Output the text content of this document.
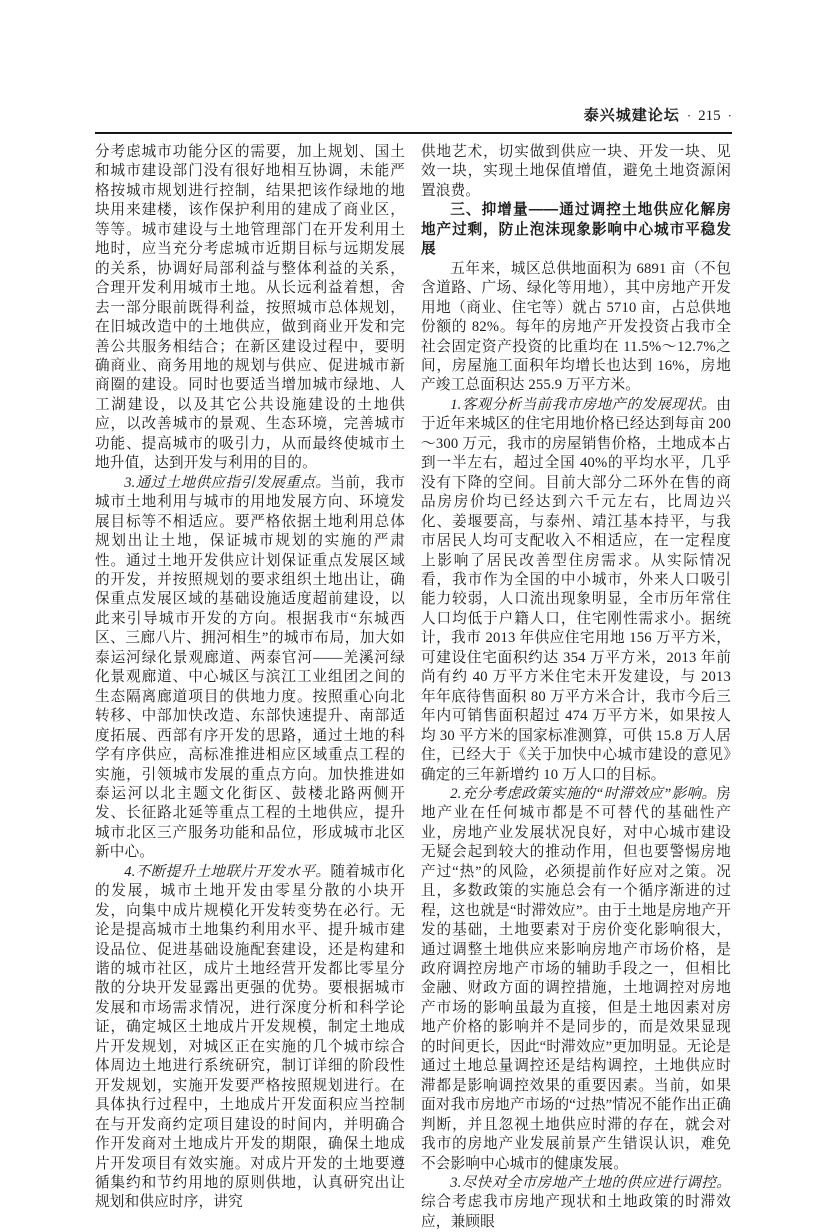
泰兴城建论坛 · 215 ·

分考虑城市功能分区的需要，加上规划、国土和城市建设部门没有很好地相互协调，未能严格按城市规划进行控制，结果把该作绿地的地块用来建楼，该作保护利用的建成了商业区，等等。城市建设与土地管理部门在开发利用土地时，应当充分考虑城市近期目标与远期发展的关系，协调好局部利益与整体利益的关系，合理开发利用城市土地。从长远利益着想，舍去一部分眼前既得利益，按照城市总体规划，在旧城改造中的土地供应，做到商业开发和完善公共服务相结合；在新区建设过程中，要明确商业、商务用地的规划与供应、促进城市新商圈的建设。同时也要适当增加城市绿地、人工湖建设，以及其它公共设施建设的土地供应，以改善城市的景观、生态环境，完善城市功能、提高城市的吸引力，从而最终使城市土地升值，达到开发与利用的目的。

3.通过土地供应指引发展重点。当前，我市城市土地利用与城市的用地发展方向、环境发展目标等不相适应。要严格依据土地利用总体规划出让土地，保证城市规划的实施的严肃性。通过土地开发供应计划保证重点发展区域的开发，并按照规划的要求组织土地出让，确保重点发展区域的基础设施适度超前建设，以此来引导城市开发的方向。根据我市“东城西区、三廊八片、拥河相生”的城市布局，加大如泰运河绿化景观廊道、两泰官河——羌溪河绿化景观廊道、中心城区与滨江工业组团之间的生态隔离廊道项目的供地力度。按照重心向北转移、中部加快改造、东部快速提升、南部适度拓展、西部有序开发的思路，通过土地的科学有序供应，高标准推进相应区域重点工程的实施，引领城市发展的重点方向。加快推进如泰运河以北主题文化街区、鼓楼北路两侧开发、长征路北延等重点工程的土地供应，提升城市北区三产服务功能和品位，形成城市北区新中心。

4.不断提升土地联片开发水平。随着城市化的发展，城市土地开发由零星分散的小块开发，向集中成片规模化开发转变势在必行。无论是提高城市土地集约利用水平、提升城市建设品位、促进基础设施配套建设，还是构建和谐的城市社区，成片土地经营开发都比零星分散的分块开发显露出更强的优势。要根据城市发展和市场需求情况，进行深度分析和科学论证，确定城区土地成片开发规模，制定土地成片开发规划，对城区正在实施的几个城市综合体周边土地进行系统研究，制订详细的阶段性开发规划，实施开发要严格按照规划进行。在具体执行过程中，土地成片开发面积应当控制在与开发商约定项目建设的时间内，并明确合作开发商对土地成片开发的期限，确保土地成片开发项目有效实施。对成片开发的土地要遵循集约和节约用地的原则供地，认真研究出让规划和供应时序，讲究

供地艺术，切实做到供应一块、开发一块、见效一块，实现土地保值增值，避免土地资源闲置浪费。

三、抑增量——通过调控土地供应化解房地产过剩，防止泡沫现象影响中心城市平稳发展

五年来，城区总供地面积为 6891 亩（不包含道路、广场、绿化等用地），其中房地产开发用地（商业、住宅等）就占 5710 亩，占总供地份额的 82%。每年的房地产开发投资占我市全社会固定资产投资的比重均在 11.5%～12.7%之间，房屋施工面积年均增长也达到 16%，房地产竣工总面积达 255.9 万平方米。

1.客观分析当前我市房地产的发展现状。由于近年来城区的住宅用地价格已经达到每亩 200～300 万元，我市的房屋销售价格，土地成本占到一半左右，超过全国 40%的平均水平，几乎没有下降的空间。目前大部分二环外在售的商品房房价均已经达到六千元左右，比周边兴化、姜堰要高，与泰州、靖江基本持平，与我市居民人均可支配收入不相适应，在一定程度上影响了居民改善型住房需求。从实际情况看，我市作为全国的中小城市，外来人口吸引能力较弱，人口流出现象明显，全市历年常住人口均低于户籍人口，住宅刚性需求小。据统计，我市 2013 年供应住宅用地 156 万平方米，可建设住宅面积约达 354 万平方米，2013 年前尚有约 40 万平方米住宅未开发建设，与 2013 年年底待售面积 80 万平方米合计，我市今后三年内可销售面积超过 474 万平方米，如果按人均 30 平方米的国家标准测算，可供 15.8 万人居住，已经大于《关于加快中心城市建设的意见》确定的三年新增约 10 万人口的目标。

2.充分考虑政策实施的“时滞效应”影响。房地产业在任何城市都是不可替代的基础性产业，房地产业发展状况良好，对中心城市建设无疑会起到较大的推动作用，但也要警惕房地产过“热”的风险，必须提前作好应对之策。况且，多数政策的实施总会有一个循序渐进的过程，这也就是“时滞效应”。由于土地是房地产开发的基础，土地要素对于房价变化影响很大，通过调整土地供应来影响房地产市场价格，是政府调控房地产市场的辅助手段之一，但相比金融、财政方面的调控措施，土地调控对房地产市场的影响虽最为直接，但是土地因素对房地产价格的影响并不是同步的，而是效果显现的时间更长，因此“时滞效应”更加明显。无论是通过土地总量调控还是结构调控，土地供应时滞都是影响调控效果的重要因素。当前，如果面对我市房地产市场的“过热”情况不能作出正确判断，并且忽视土地供应时滞的存在，就会对我市的房地产业发展前景产生错误认识，难免不会影响中心城市的健康发展。

3.尽快对全市房地产土地的供应进行调控。综合考虑我市房地产现状和土地政策的时滞效应，兼顾眼
